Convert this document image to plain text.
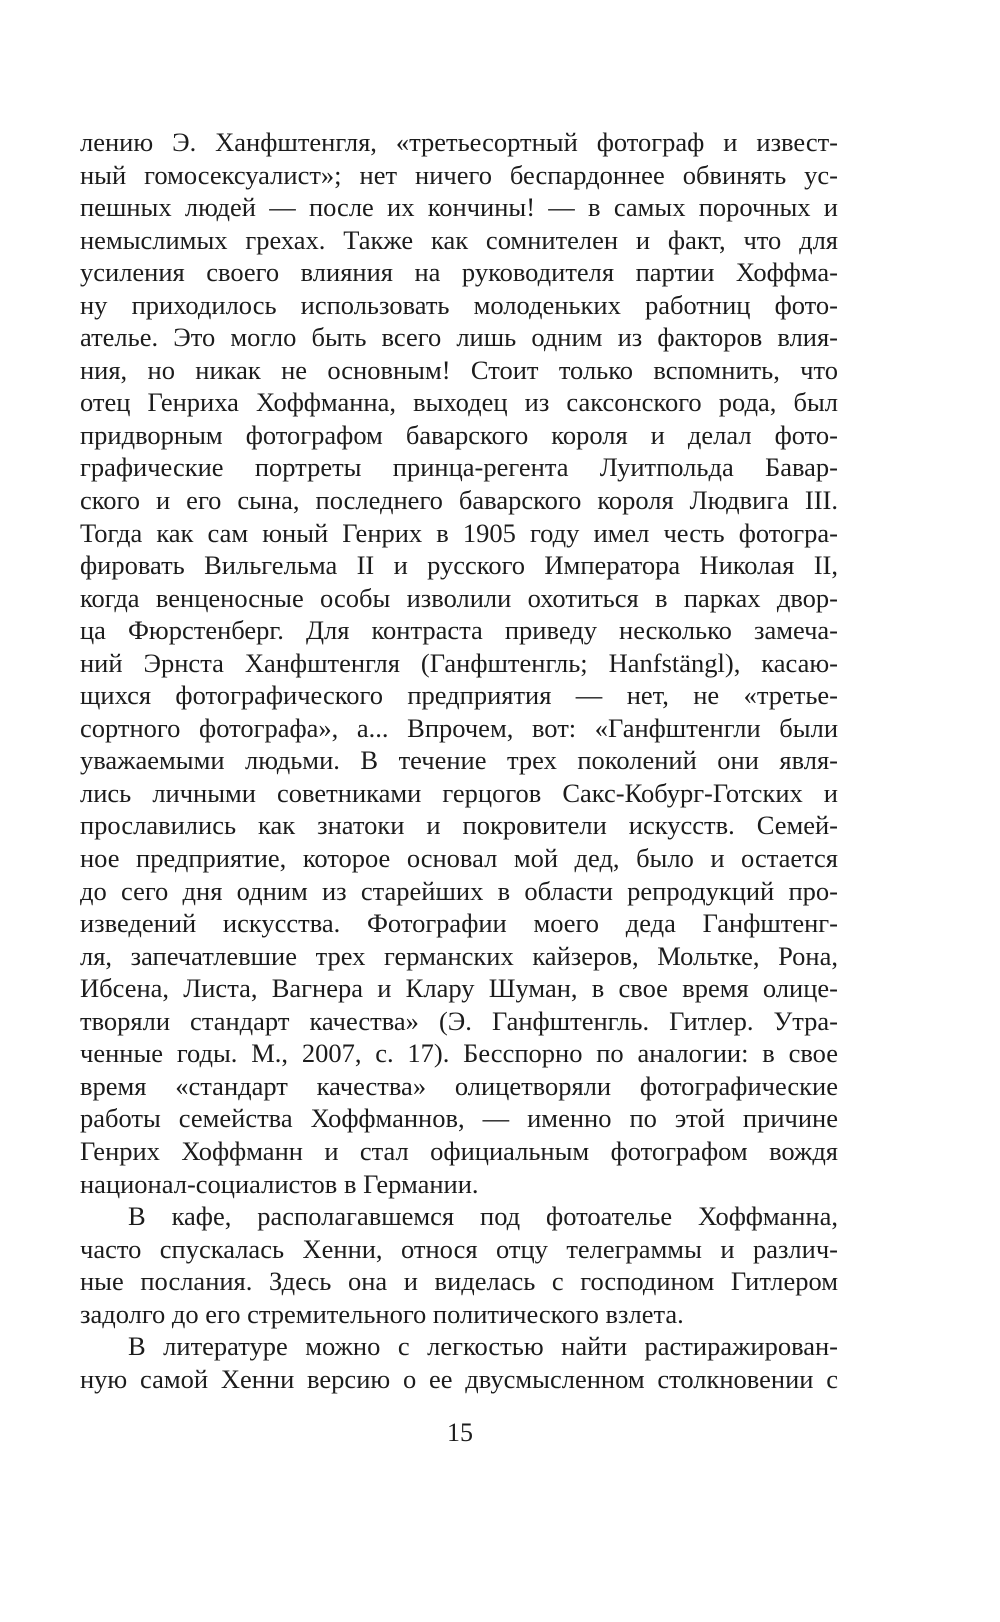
лению Э. Ханфштенгля, «третьесортный фотограф и извест-
ный гомосексуалист»; нет ничего беспардоннее обвинять ус-
пешных людей — после их кончины! — в самых порочных и
немыслимых грехах. Также как сомнителен и факт, что для
усиления своего влияния на руководителя партии Хоффма-
ну приходилось использовать молоденьких работниц фото-
ателье. Это могло быть всего лишь одним из факторов влия-
ния, но никак не основным! Стоит только вспомнить, что
отец Генриха Хоффманна, выходец из саксонского рода, был
придворным фотографом баварского короля и делал фото-
графические портреты принца-регента Луитпольда Бавар-
ского и его сына, последнего баварского короля Людвига III.
Тогда как сам юный Генрих в 1905 году имел честь фотогра-
фировать Вильгельма II и русского Императора Николая II,
когда венценосные особы изволили охотиться в парках двор-
ца Фюрстенберг. Для контраста приведу несколько замеча-
ний Эрнста Ханфштенгля (Ганфштенгль; Hanfstängl), касаю-
щихся фотографического предприятия — нет, не «третье-
сортного фотографа», а... Впрочем, вот: «Ганфштенгли были
уважаемыми людьми. В течение трех поколений они явля-
лись личными советниками герцогов Сакс-Кобург-Готских и
прославились как знатоки и покровители искусств. Семей-
ное предприятие, которое основал мой дед, было и остается
до сего дня одним из старейших в области репродукций про-
изведений искусства. Фотографии моего деда Ганфштенг-
ля, запечатлевшие трех германских кайзеров, Мольтке, Рона,
Ибсена, Листа, Вагнера и Клару Шуман, в свое время олице-
творяли стандарт качества» (Э. Ганфштенгль. Гитлер. Утра-
ченные годы. М., 2007, с. 17). Бесспорно по аналогии: в свое
время «стандарт качества» олицетворяли фотографические
работы семейства Хоффманнов, — именно по этой причине
Генрих Хоффманн и стал официальным фотографом вождя
национал-социалистов в Германии.
В кафе, располагавшемся под фотоателье Хоффманна,
часто спускалась Хенни, относя отцу телеграммы и различ-
ные послания. Здесь она и виделась с господином Гитлером
задолго до его стремительного политического взлета.
В литературе можно с легкостью найти растиражирован-
ную самой Хенни версию о ее двусмысленном столкновении с
15
